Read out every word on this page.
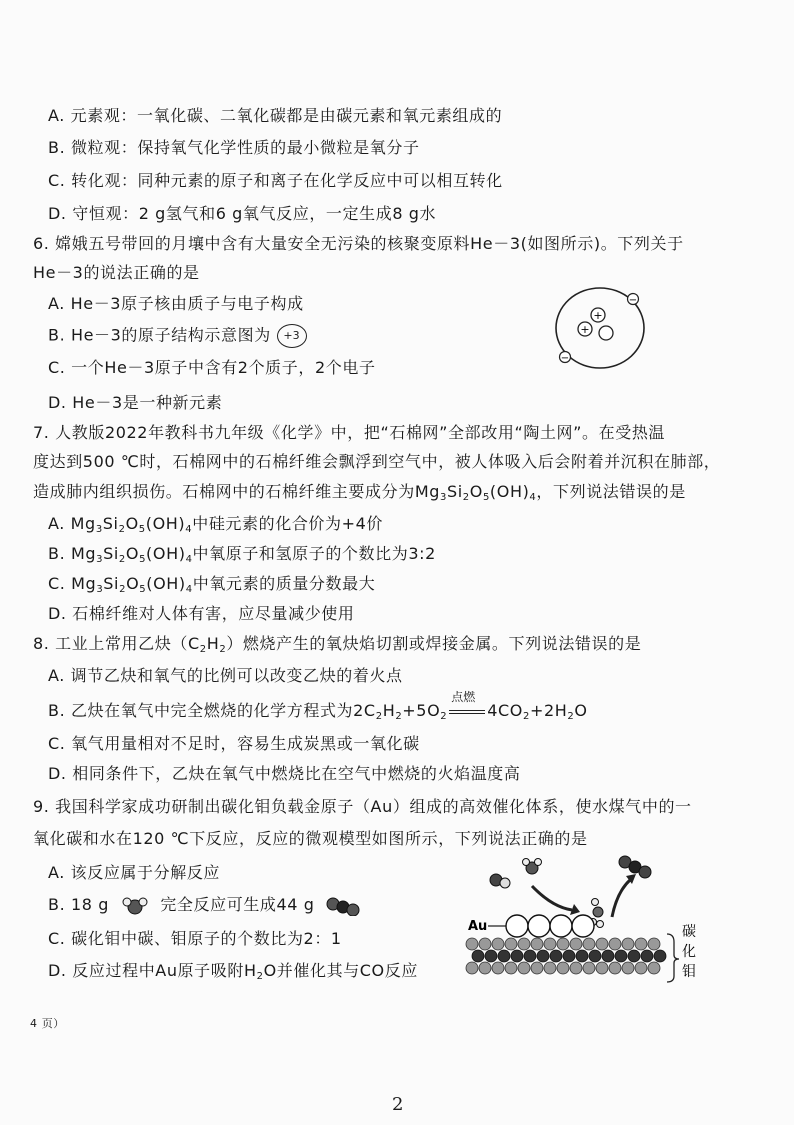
A. 元素观：一氧化碳、二氧化碳都是由碳元素和氧元素组成的
B. 微粒观：保持氧气化学性质的最小微粒是氧分子
C. 转化观：同种元素的原子和离子在化学反应中可以相互转化
D. 守恒观：2 g氢气和6 g氧气反应，一定生成8 g水
6. 嫦娥五号带回的月壤中含有大量安全无污染的核聚变原料He－3(如图所示)。下列关于
He－3的说法正确的是
A. He－3原子核由质子与电子构成
B. He－3的原子结构示意图为 +3
C. 一个He－3原子中含有2个质子，2个电子
D. He－3是一种新元素
+
+
−
−
7. 人教版2022年教科书九年级《化学》中，把“石棉网”全部改用“陶土网”。在受热温
度达到500 ℃时，石棉网中的石棉纤维会飘浮到空气中，被人体吸入后会附着并沉积在肺部，
造成肺内组织损伤。石棉网中的石棉纤维主要成分为$Mg_3Si_2O_5(OH)_4$，下列说法错误的是
A. $Mg_3Si_2O_5(OH)_4$中硅元素的化合价为+4价
B. $Mg_3Si_2O_5(OH)_4$中氧原子和氢原子的个数比为3:2
C. $Mg_3Si_2O_5(OH)_4$中氧元素的质量分数最大
D. 石棉纤维对人体有害，应尽量减少使用
8. 工业上常用乙炔$(C_2H_2)$燃烧产生的氧炔焰切割或焊接金属。下列说法错误的是
A. 调节乙炔和氧气的比例可以改变乙炔的着火点
B. 乙炔在氧气中完全燃烧的化学方程式为$2C_2H_2+5O_2$
点燃
$4CO_2+2H_2O$
C. 氧气用量相对不足时，容易生成炭黑或一氧化碳
D. 相同条件下，乙炔在氧气中燃烧比在空气中燃烧的火焰温度高
9. 我国科学家成功研制出碳化钼负载金原子（Au）组成的高效催化体系，使水煤气中的一
氧化碳和水在120 ℃下反应，反应的微观模型如图所示，下列说法正确的是
A. 该反应属于分解反应
B. 18 g	完全反应可生成44 g
C. 碳化钼中碳、钼原子的个数比为2：1
D. 反应过程中Au原子吸附$H_2O$并催化其与CO反应
Au	碳
化
钼
4 页）
2
